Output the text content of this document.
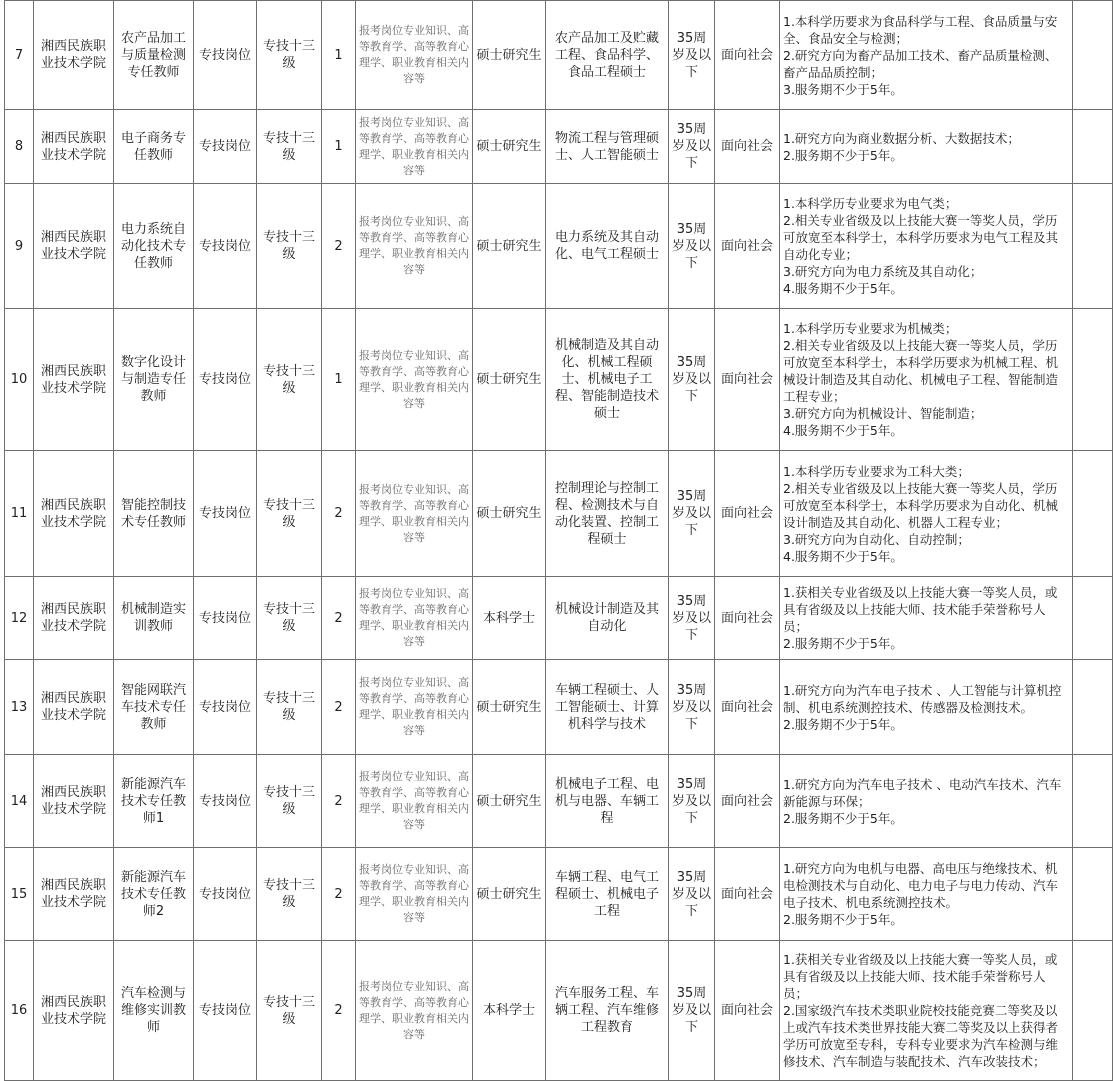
7	湘西民族职业技术学院	农产品加工与质量检测专任教师	专技岗位	专技十三级	1	报考岗位专业知识、高等教育学、高等教育心理学、职业教育相关内容等	硕士研究生	农产品加工及贮藏工程、食品科学、食品工程硕士	35周岁及以下	面向社会	1.本科学历要求为食品科学与工程、食品质量与安全、食品安全与检测；
2.研究方向为畜产品加工技术、畜产品质量检测、畜产品品质控制；
3.服务期不少于5年。	

8	湘西民族职业技术学院	电子商务专任教师	专技岗位	专技十三级	1	报考岗位专业知识、高等教育学、高等教育心理学、职业教育相关内容等	硕士研究生	物流工程与管理硕士、人工智能硕士	35周岁及以下	面向社会	1.研究方向为商业数据分析、大数据技术；
2.服务期不少于5年。	

9	湘西民族职业技术学院	电力系统自动化技术专任教师	专技岗位	专技十三级	2	报考岗位专业知识、高等教育学、高等教育心理学、职业教育相关内容等	硕士研究生	电力系统及其自动化、电气工程硕士	35周岁及以下	面向社会	1.本科学历专业要求为电气类；
2.相关专业省级及以上技能大赛一等奖人员，学历可放宽至本科学士，本科学历要求为电气工程及其自动化专业；
3.研究方向为电力系统及其自动化；
4.服务期不少于5年。	

10	湘西民族职业技术学院	数字化设计与制造专任教师	专技岗位	专技十三级	1	报考岗位专业知识、高等教育学、高等教育心理学、职业教育相关内容等	硕士研究生	机械制造及其自动化、机械工程硕士、机械电子工程、智能制造技术硕士	35周岁及以下	面向社会	1.本科学历专业要求为机械类；
2.相关专业省级及以上技能大赛一等奖人员，学历可放宽至本科学士，本科学历要求为机械工程、机械设计制造及其自动化、机械电子工程、智能制造工程专业；
3.研究方向为机械设计、智能制造；
4.服务期不少于5年。	

11	湘西民族职业技术学院	智能控制技术专任教师	专技岗位	专技十三级	2	报考岗位专业知识、高等教育学、高等教育心理学、职业教育相关内容等	硕士研究生	控制理论与控制工程、检测技术与自动化装置、控制工程硕士	35周岁及以下	面向社会	1.本科学历专业要求为工科大类；
2.相关专业省级及以上技能大赛一等奖人员，学历可放宽至本科学士，本科学历要求为自动化、机械设计制造及其自动化、机器人工程专业；
3.研究方向为自动化、自动控制；
4.服务期不少于5年。	

12	湘西民族职业技术学院	机械制造实训教师	专技岗位	专技十三级	2	报考岗位专业知识、高等教育学、高等教育心理学、职业教育相关内容等	本科学士	机械设计制造及其自动化	35周岁及以下	面向社会	1.获相关专业省级及以上技能大赛一等奖人员，或具有省级及以上技能大师、技术能手荣誉称号人员；
2.服务期不少于5年。	

13	湘西民族职业技术学院	智能网联汽车技术专任教师	专技岗位	专技十三级	2	报考岗位专业知识、高等教育学、高等教育心理学、职业教育相关内容等	硕士研究生	车辆工程硕士、人工智能硕士、计算机科学与技术	35周岁及以下	面向社会	1.研究方向为汽车电子技术 、人工智能与计算机控制、机电系统测控技术、传感器及检测技术。
2.服务期不少于5年。	

14	湘西民族职业技术学院	新能源汽车技术专任教师1	专技岗位	专技十三级	2	报考岗位专业知识、高等教育学、高等教育心理学、职业教育相关内容等	硕士研究生	机械电子工程、电机与电器、车辆工程	35周岁及以下	面向社会	1.研究方向为汽车电子技术 、电动汽车技术、汽车新能源与环保；
2.服务期不少于5年。	

15	湘西民族职业技术学院	新能源汽车技术专任教师2	专技岗位	专技十三级	2	报考岗位专业知识、高等教育学、高等教育心理学、职业教育相关内容等	硕士研究生	车辆工程、电气工程硕士、机械电子工程	35周岁及以下	面向社会	1.研究方向为电机与电器、高电压与绝缘技术、机电检测技术与自动化、电力电子与电力传动、汽车电子技术、机电系统测控技术。
2.服务期不少于5年。	

16	湘西民族职业技术学院	汽车检测与维修实训教师	专技岗位	专技十三级	2	报考岗位专业知识、高等教育学、高等教育心理学、职业教育相关内容等	本科学士	汽车服务工程、车辆工程、汽车维修工程教育	35周岁及以下	面向社会	1.获相关专业省级及以上技能大赛一等奖人员，或具有省级及以上技能大师、技术能手荣誉称号人员；
2.国家级汽车技术类职业院校技能竞赛二等奖及以上或汽车技术类世界技能大赛二等奖及以上获得者学历可放宽至专科，专科专业要求为汽车检测与维修技术、汽车制造与装配技术、汽车改装技术；	
